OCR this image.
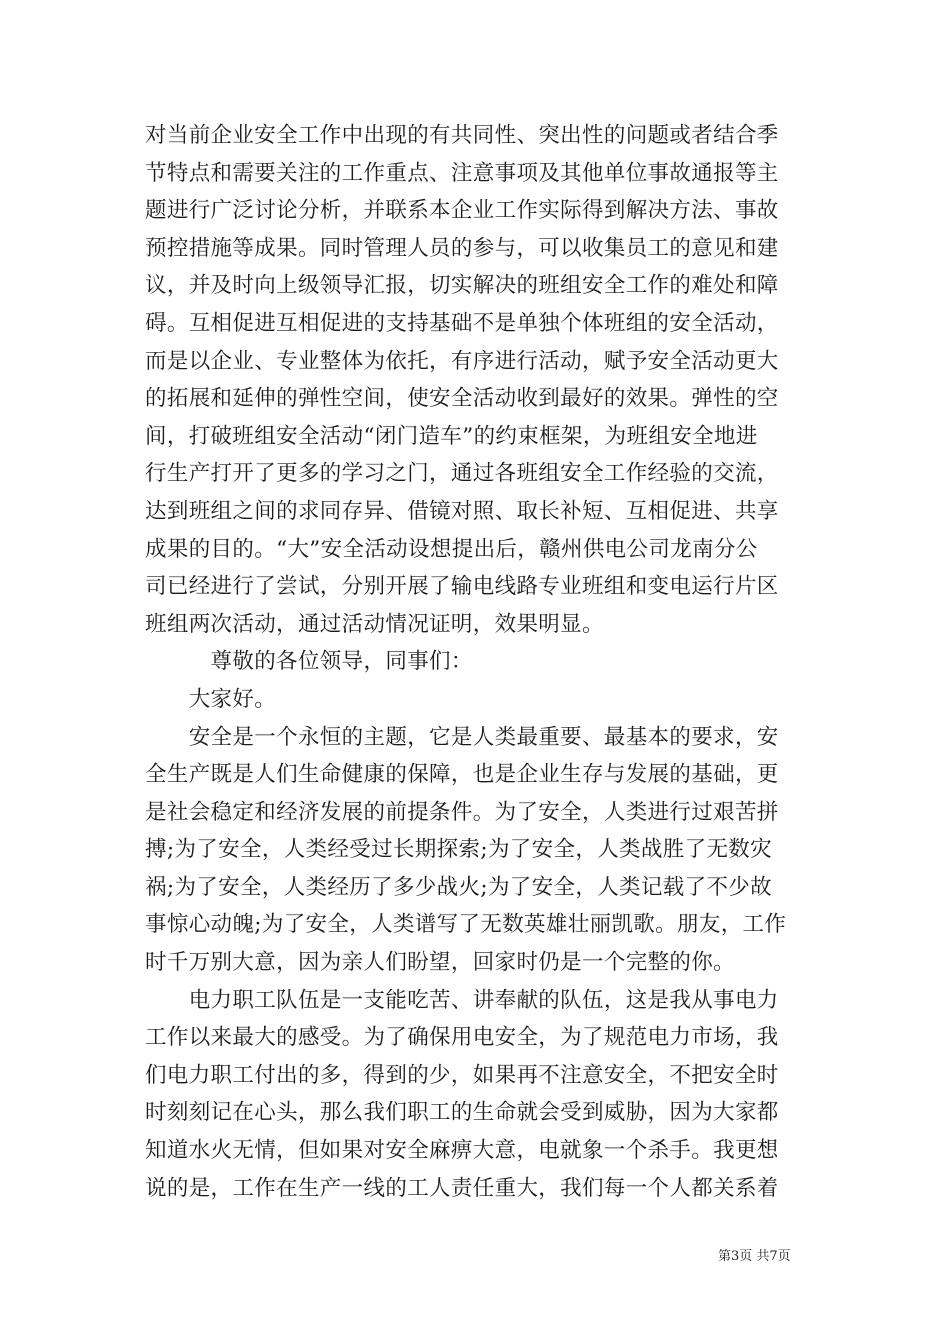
对当前企业安全工作中出现的有共同性、突出性的问题或者结合季
节特点和需要关注的工作重点、注意事项及其他单位事故通报等主
题进行广泛讨论分析，并联系本企业工作实际得到解决方法、事故
预控措施等成果。同时管理人员的参与，可以收集员工的意见和建
议，并及时向上级领导汇报，切实解决的班组安全工作的难处和障
碍。互相促进互相促进的支持基础不是单独个体班组的安全活动，
而是以企业、专业整体为依托，有序进行活动，赋予安全活动更大
的拓展和延伸的弹性空间，使安全活动收到最好的效果。弹性的空
间，打破班组安全活动“闭门造车”的约束框架，为班组安全地进
行生产打开了更多的学习之门，通过各班组安全工作经验的交流，
达到班组之间的求同存异、借镜对照、取长补短、互相促进、共享
成果的目的。“大”安全活动设想提出后，赣州供电公司龙南分公
司已经进行了尝试，分别开展了输电线路专业班组和变电运行片区
班组两次活动，通过活动情况证明，效果明显。
　　　尊敬的各位领导，同事们：
　　大家好。
　　安全是一个永恒的主题，它是人类最重要、最基本的要求，安
全生产既是人们生命健康的保障，也是企业生存与发展的基础，更
是社会稳定和经济发展的前提条件。为了安全，人类进行过艰苦拼
搏;为了安全，人类经受过长期探索;为了安全，人类战胜了无数灾
祸;为了安全，人类经历了多少战火;为了安全，人类记载了不少故
事惊心动魄;为了安全，人类谱写了无数英雄壮丽凯歌。朋友，工作
时千万别大意，因为亲人们盼望，回家时仍是一个完整的你。
　　电力职工队伍是一支能吃苦、讲奉献的队伍，这是我从事电力
工作以来最大的感受。为了确保用电安全，为了规范电力市场，我
们电力职工付出的多，得到的少，如果再不注意安全，不把安全时
时刻刻记在心头，那么我们职工的生命就会受到威胁，因为大家都
知道水火无情，但如果对安全麻痹大意，电就象一个杀手。我更想
说的是，工作在生产一线的工人责任重大，我们每一个人都关系着
第3页 共7页
